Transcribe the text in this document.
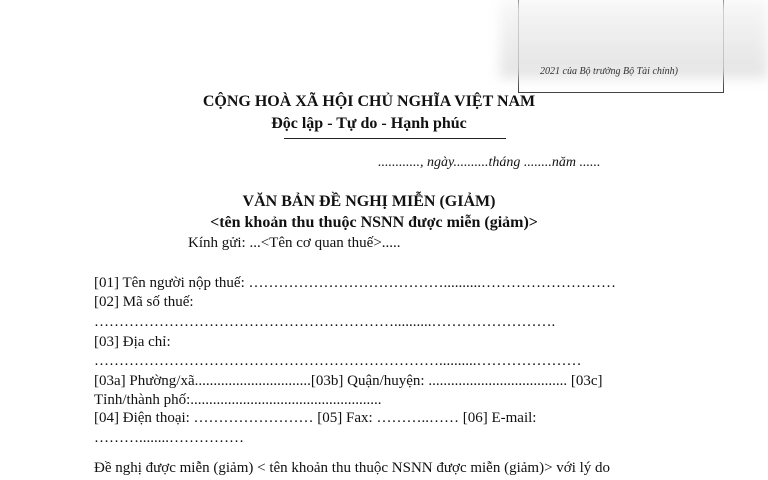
2021 của Bộ trưởng Bộ Tài chính)
CỘNG HOÀ XÃ HỘI CHỦ NGHĨA VIỆT NAM
Độc lập - Tự do - Hạnh phúc
............, ngày..........tháng ........năm ......
VĂN BẢN ĐỀ NGHỊ MIỄN (GIẢM)
<tên khoản thu thuộc NSNN được miễn (giảm)>
Kính gửi: ...<Tên cơ quan thuế>.....
[01] Tên người nộp thuế: …………………………………..........………………………
[02] Mã số thuế:
……………………………………………………..........…………………….
[03] Địa chỉ:
……………………………………………………………..........…………………
[03a] Phường/xã...............................[03b] Quận/huyện: ..................................... [03c]
Tỉnh/thành phố:...................................................
[04] Điện thoại: …………………… [05] Fax: ………..…… [06] E-mail:
………........……………
Đề nghị được miễn (giảm) < tên khoản thu thuộc NSNN được miễn (giảm)> với lý do
